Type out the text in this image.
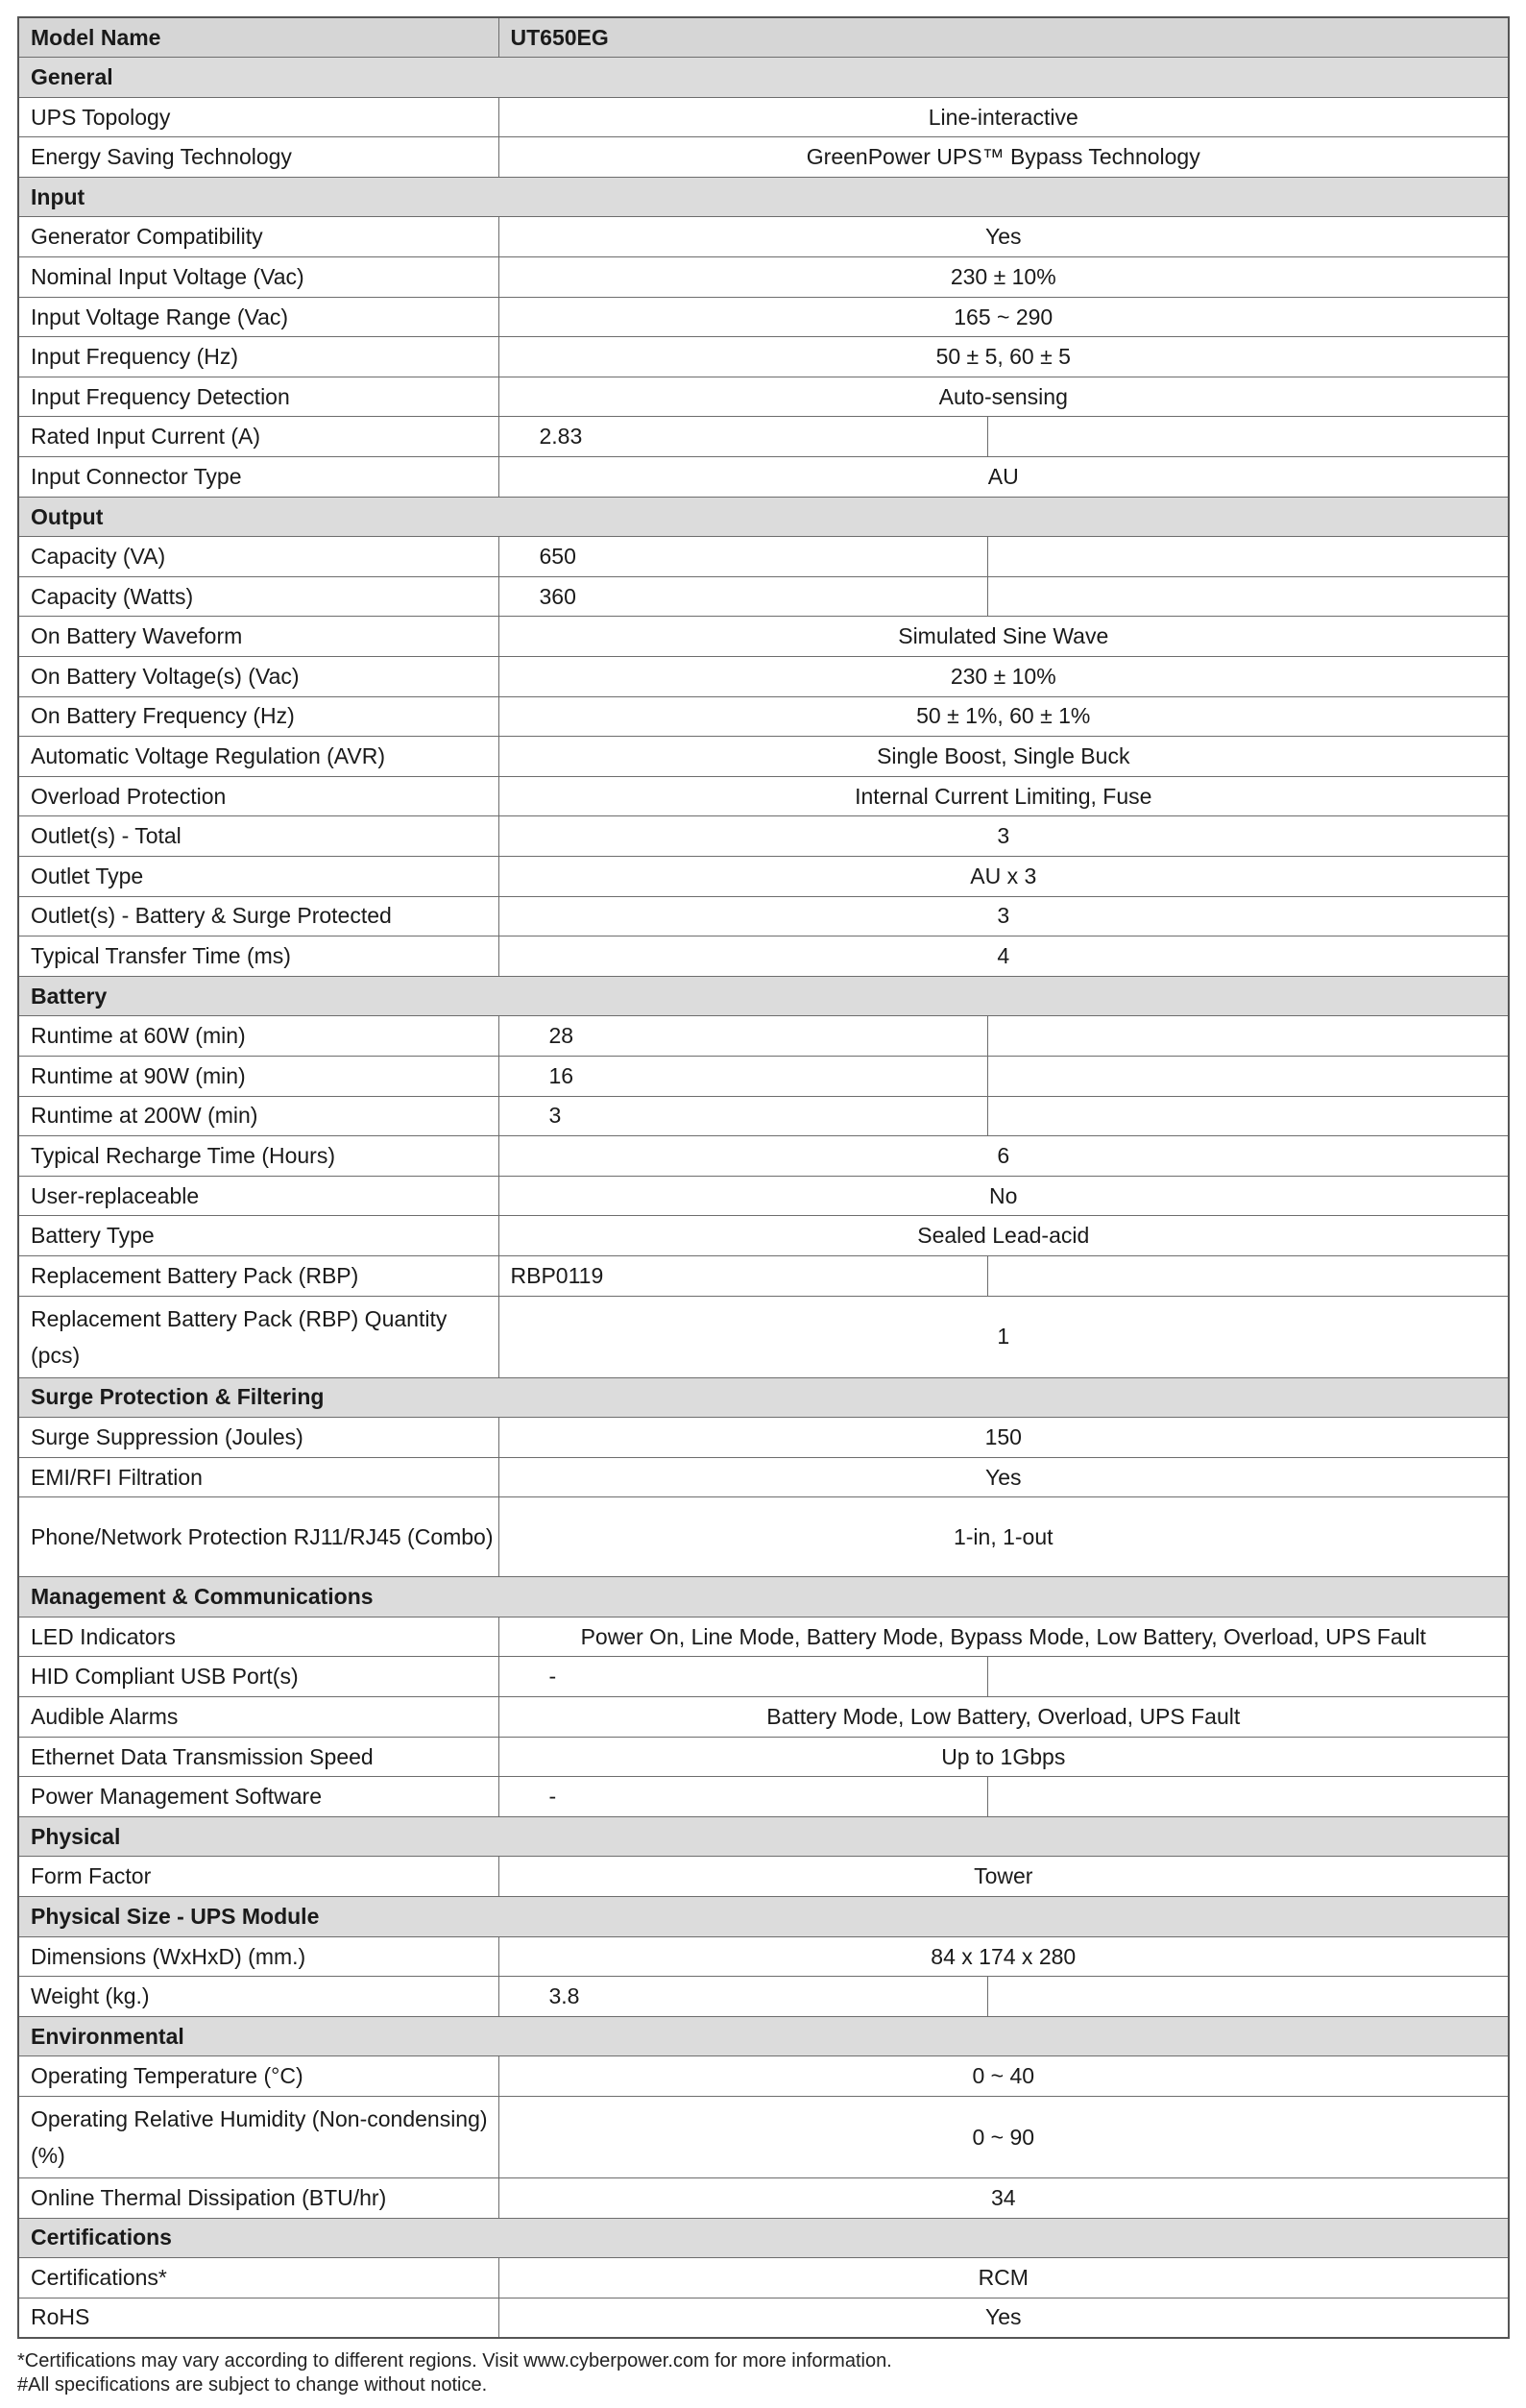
Model Name	UT650EG	
General		
UPS Topology	Line-interactive	
Energy Saving Technology	GreenPower UPS™ Bypass Technology	
Input		
Generator Compatibility	Yes	
Nominal Input Voltage (Vac)	230 ± 10%	
Input Voltage Range (Vac)	165 ~ 290	
Input Frequency (Hz)	50 ± 5, 60 ± 5	
Input Frequency Detection	Auto-sensing	
Rated Input Current (A)	2.83	
Input Connector Type	AU	
Output		
Capacity (VA)	650	
Capacity (Watts)	360	
On Battery Waveform	Simulated Sine Wave	
On Battery Voltage(s) (Vac)	230 ± 10%	
On Battery Frequency (Hz)	50 ± 1%, 60 ± 1%	
Automatic Voltage Regulation (AVR)	Single Boost, Single Buck	
Overload Protection	Internal Current Limiting, Fuse	
Outlet(s) - Total	3	
Outlet Type	AU x 3	
Outlet(s) - Battery & Surge Protected	3	
Typical Transfer Time (ms)	4	
Battery		
Runtime at 60W (min)	28	
Runtime at 90W (min)	16	
Runtime at 200W (min)	3	
Typical Recharge Time (Hours)	6	
User-replaceable	No	
Battery Type	Sealed Lead-acid	
Replacement Battery Pack (RBP)	RBP0119	
Replacement Battery Pack (RBP) Quantity (pcs)	1	
Surge Protection & Filtering		
Surge Suppression (Joules)	150	
EMI/RFI Filtration	Yes	
Phone/Network Protection RJ11/RJ45 (Combo)	1-in, 1-out	
Management & Communications		
LED Indicators	Power On, Line Mode, Battery Mode, Bypass Mode, Low Battery, Overload, UPS Fault	
HID Compliant USB Port(s)	-	
Audible Alarms	Battery Mode, Low Battery, Overload, UPS Fault	
Ethernet Data Transmission Speed	Up to 1Gbps	
Power Management Software	-	
Physical		
Form Factor	Tower	
Physical Size - UPS Module		
Dimensions (WxHxD) (mm.)	84 x 174 x 280	
Weight (kg.)	3.8	
Environmental		
Operating Temperature (°C)	0 ~ 40	
Operating Relative Humidity (Non-condensing) (%)	0 ~ 90	
Online Thermal Dissipation (BTU/hr)	34	
Certifications		
Certifications*	RCM	
RoHS	Yes	
*Certifications may vary according to different regions. Visit www.cyberpower.com for more information.
#All specifications are subject to change without notice.
